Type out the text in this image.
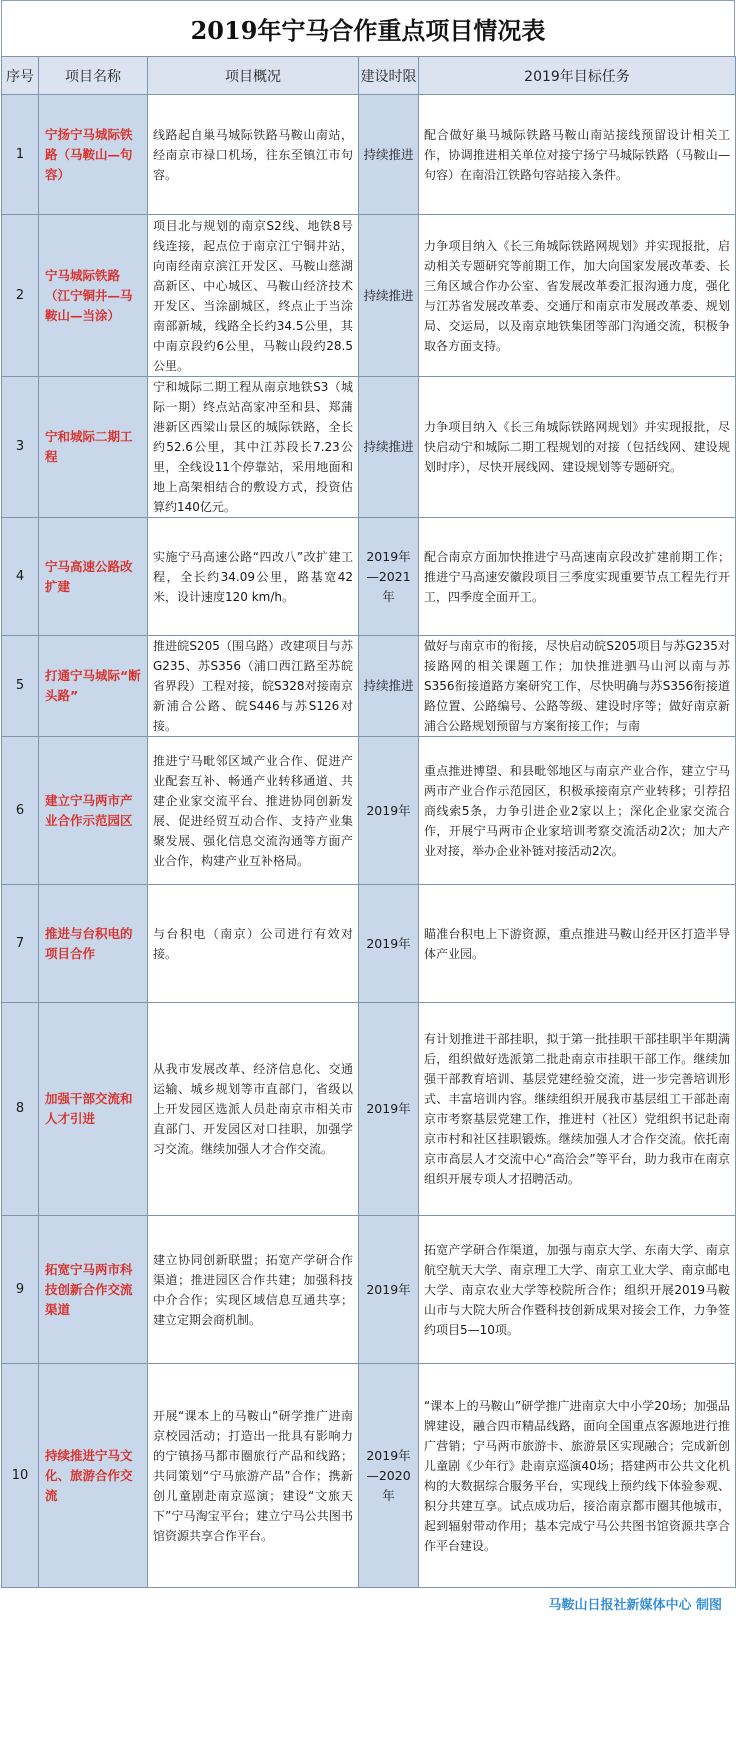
2019年宁马合作重点项目情况表
序号	项目名称	项目概况	建设时限	2019年目标任务
1	宁扬宁马城际铁路（马鞍山—句容）	线路起自巢马城际铁路马鞍山南站，经南京市禄口机场，往东至镇江市句容。	持续推进	配合做好巢马城际铁路马鞍山南站接线预留设计相关工作，协调推进相关单位对接宁扬宁马城际铁路（马鞍山—句容）在南沿江铁路句容站接入条件。
2	宁马城际铁路（江宁铜井—马鞍山—当涂）	项目北与规划的南京S2线、地铁8号线连接，起点位于南京江宁铜井站，向南经南京滨江开发区、马鞍山慈湖高新区、中心城区、马鞍山经济技术开发区、当涂副城区，终点止于当涂南部新城，线路全长约34.5公里，其中南京段约6公里，马鞍山段约28.5公里。	持续推进	力争项目纳入《长三角城际铁路网规划》并实现报批，启动相关专题研究等前期工作，加大向国家发展改革委、长三角区域合作办公室、省发展改革委汇报沟通力度，强化与江苏省发展改革委、交通厅和南京市发展改革委、规划局、交运局，以及南京地铁集团等部门沟通交流，积极争取各方面支持。
3	宁和城际二期工程	宁和城际二期工程从南京地铁S3（城际一期）终点站高家冲至和县、郑蒲港新区西梁山景区的城际铁路，全长约52.6公里，其中江苏段长7.23公里，全线设11个停靠站，采用地面和地上高架相结合的敷设方式，投资估算约140亿元。	持续推进	力争项目纳入《长三角城际铁路网规划》并实现报批，尽快启动宁和城际二期工程规划的对接（包括线网、建设规划时序），尽快开展线网、建设规划等专题研究。
4	宁马高速公路改扩建	实施宁马高速公路“四改八”改扩建工程，全长约34.09公里，路基宽42米，设计速度120 km/h。	2019年—2021年	配合南京方面加快推进宁马高速南京段改扩建前期工作；推进宁马高速安徽段项目三季度实现重要节点工程先行开工，四季度全面开工。
5	打通宁马城际“断头路”	推进皖S205（围乌路）改建项目与苏G235、苏S356（浦口西江路至苏皖省界段）工程对接，皖S328对接南京新浦合公路、皖S446与苏S126对接。	持续推进	做好与南京市的衔接，尽快启动皖S205项目与苏G235对接路网的相关课题工作；加快推进驷马山河以南与苏S356衔接道路方案研究工作，尽快明确与苏S356衔接道路位置、公路编号、公路等级、建设时序等；做好南京新浦合公路规划预留与方案衔接工作；与南
6	建立宁马两市产业合作示范园区	推进宁马毗邻区域产业合作、促进产业配套互补、畅通产业转移通道、共建企业家交流平台、推进协同创新发展、促进经贸互动合作、支持产业集聚发展、强化信息交流沟通等方面产业合作，构建产业互补格局。	2019年	重点推进博望、和县毗邻地区与南京产业合作，建立宁马两市产业合作示范园区，积极承接南京产业转移；引荐招商线索5条，力争引进企业2家以上；深化企业家交流合作，开展宁马两市企业家培训考察交流活动2次；加大产业对接，举办企业补链对接活动2次。
7	推进与台积电的项目合作	与台积电（南京）公司进行有效对接。	2019年	瞄准台积电上下游资源，重点推进马鞍山经开区打造半导体产业园。
8	加强干部交流和人才引进	从我市发展改革、经济信息化、交通运输、城乡规划等市直部门，省级以上开发园区选派人员赴南京市相关市直部门、开发园区对口挂职，加强学习交流。继续加强人才合作交流。	2019年	有计划推进干部挂职，拟于第一批挂职干部挂职半年期满后，组织做好选派第二批赴南京市挂职干部工作。继续加强干部教育培训、基层党建经验交流，进一步完善培训形式、丰富培训内容。继续组织开展我市基层组工干部赴南京市考察基层党建工作，推进村（社区）党组织书记赴南京市村和社区挂职锻炼。继续加强人才合作交流。依托南京市高层人才交流中心“高洽会”等平台，助力我市在南京组织开展专项人才招聘活动。
9	拓宽宁马两市科技创新合作交流渠道	建立协同创新联盟；拓宽产学研合作渠道；推进园区合作共建；加强科技中介合作；实现区域信息互通共享；建立定期会商机制。	2019年	拓宽产学研合作渠道，加强与南京大学、东南大学、南京航空航天大学、南京理工大学、南京工业大学、南京邮电大学、南京农业大学等校院所合作；组织开展2019马鞍山市与大院大所合作暨科技创新成果对接会工作，力争签约项目5—10项。
10	持续推进宁马文化、旅游合作交流	开展“课本上的马鞍山”研学推广进南京校园活动；打造出一批具有影响力的宁镇扬马都市圈旅行产品和线路；共同策划“宁马旅游产品”合作；携新创儿童剧赴南京巡演；建设“文旅天下”宁马淘宝平台；建立宁马公共图书馆资源共享合作平台。	2019年—2020年	“课本上的马鞍山”研学推广进南京大中小学20场；加强品牌建设，融合四市精品线路，面向全国重点客源地进行推广营销；宁马两市旅游卡、旅游景区实现融合；完成新创儿童剧《少年行》赴南京巡演40场；搭建两市公共文化机构的大数据综合服务平台，实现线上预约线下体验参观、积分共建互享。试点成功后，接洽南京都市圈其他城市，起到辐射带动作用；基本完成宁马公共图书馆资源共享合作平台建设。
马鞍山日报社新媒体中心 制图
